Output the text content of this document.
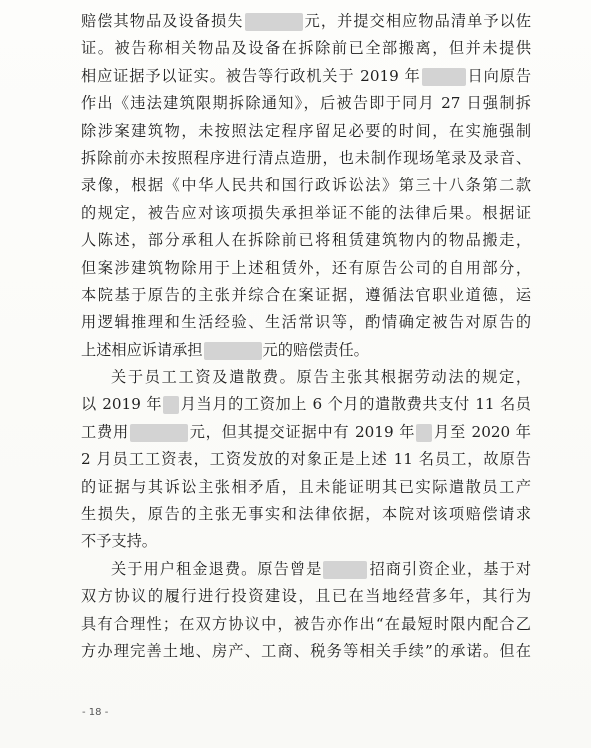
赔偿其物品及设备损失	元，并提交相应物品清单予以佐
证。被告称相关物品及设备在拆除前已全部搬离，但并未提供
相应证据予以证实。被告等行政机关于 2019 年	日向原告
作出《违法建筑限期拆除通知》，后被告即于同月 27 日强制拆
除涉案建筑物，未按照法定程序留足必要的时间，在实施强制
拆除前亦未按照程序进行清点造册，也未制作现场笔录及录音、
录像，根据《中华人民共和国行政诉讼法》第三十八条第二款
的规定，被告应对该项损失承担举证不能的法律后果。根据证
人陈述，部分承租人在拆除前已将租赁建筑物内的物品搬走，
但案涉建筑物除用于上述租赁外，还有原告公司的自用部分，
本院基于原告的主张并综合在案证据，遵循法官职业道德，运
用逻辑推理和生活经验、生活常识等，酌情确定被告对原告的
上述相应诉请承担	元的赔偿责任。
关于员工工资及遣散费。原告主张其根据劳动法的规定，
以 2019 年 月当月的工资加上 6 个月的遣散费共支付 11 名员
工费用	元，但其提交证据中有 2019 年 月至 2020 年
2 月员工工资表，工资发放的对象正是上述 11 名员工，故原告
的证据与其诉讼主张相矛盾，且未能证明其已实际遣散员工产
生损失，原告的主张无事实和法律依据，本院对该项赔偿请求
不予支持。
关于用户租金退费。原告曾是	招商引资企业，基于对
双方协议的履行进行投资建设，且已在当地经营多年，其行为
具有合理性；在双方协议中，被告亦作出“在最短时限内配合乙
方办理完善土地、房产、工商、税务等相关手续”的承诺。但在
- 18 -
